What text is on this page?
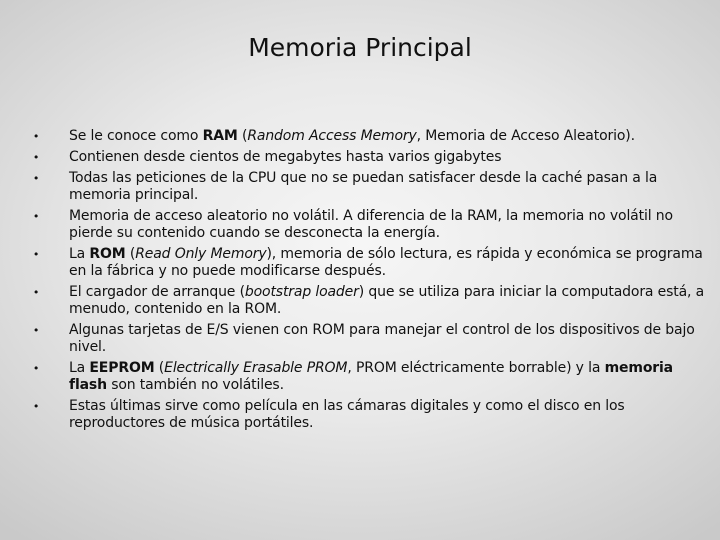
Memoria Principal
• Se le conoce como RAM (Random Access Memory, Memoria de Acceso Aleatorio).
• Contienen desde cientos de megabytes hasta varios gigabytes
• Todas las peticiones de la CPU que no se puedan satisfacer desde la caché pasan a la memoria principal.
• Memoria de acceso aleatorio no volátil. A diferencia de la RAM, la memoria no volátil no pierde su contenido cuando se desconecta la energía.
• La ROM (Read Only Memory), memoria de sólo lectura, es rápida y económica se programa en la fábrica y no puede modificarse después.
• El cargador de arranque (bootstrap loader) que se utiliza para iniciar la computadora está, a menudo, contenido en la ROM.
• Algunas tarjetas de E/S vienen con ROM para manejar el control de los dispositivos de bajo nivel.
• La EEPROM (Electrically Erasable PROM, PROM eléctricamente borrable) y la memoria flash son también no volátiles.
• Estas últimas sirve como película en las cámaras digitales y como el disco en los reproductores de música portátiles.
